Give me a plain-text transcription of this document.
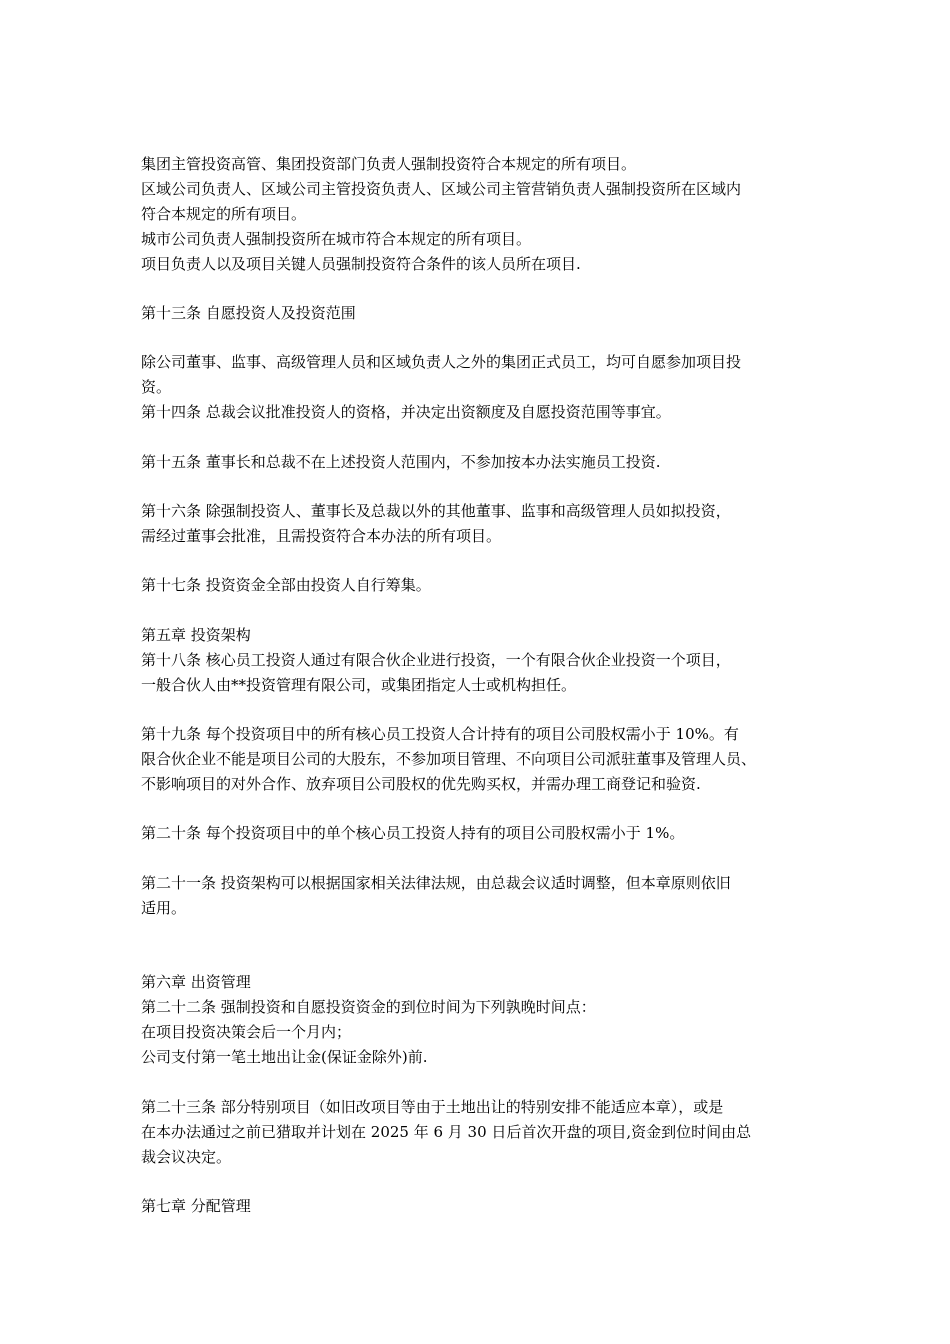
集团主管投资高管、集团投资部门负责人强制投资符合本规定的所有项目。
区域公司负责人、区域公司主管投资负责人、区域公司主管营销负责人强制投资所在区域内
符合本规定的所有项目。
城市公司负责人强制投资所在城市符合本规定的所有项目。
项目负责人以及项目关键人员强制投资符合条件的该人员所在项目.
第十三条 自愿投资人及投资范围
除公司董事、监事、高级管理人员和区域负责人之外的集团正式员工，均可自愿参加项目投
资。
第十四条 总裁会议批准投资人的资格，并决定出资额度及自愿投资范围等事宜。
第十五条 董事长和总裁不在上述投资人范围内，不参加按本办法实施员工投资.
第十六条 除强制投资人、董事长及总裁以外的其他董事、监事和高级管理人员如拟投资，
需经过董事会批准，且需投资符合本办法的所有项目。
第十七条 投资资金全部由投资人自行筹集。
第五章 投资架构
第十八条 核心员工投资人通过有限合伙企业进行投资，一个有限合伙企业投资一个项目，
一般合伙人由**投资管理有限公司，或集团指定人士或机构担任。
第十九条 每个投资项目中的所有核心员工投资人合计持有的项目公司股权需小于 10%。有
限合伙企业不能是项目公司的大股东，不参加项目管理、不向项目公司派驻董事及管理人员、
不影响项目的对外合作、放弃项目公司股权的优先购买权，并需办理工商登记和验资.
第二十条 每个投资项目中的单个核心员工投资人持有的项目公司股权需小于 1%。
第二十一条 投资架构可以根据国家相关法律法规，由总裁会议适时调整，但本章原则依旧
适用。
第六章 出资管理
第二十二条 强制投资和自愿投资资金的到位时间为下列孰晚时间点：
在项目投资决策会后一个月内；
公司支付第一笔土地出让金(保证金除外)前.
第二十三条 部分特别项目（如旧改项目等由于土地出让的特别安排不能适应本章），或是
在本办法通过之前已猎取并计划在 2025 年 6 月 30 日后首次开盘的项目,资金到位时间由总
裁会议决定。
第七章 分配管理
